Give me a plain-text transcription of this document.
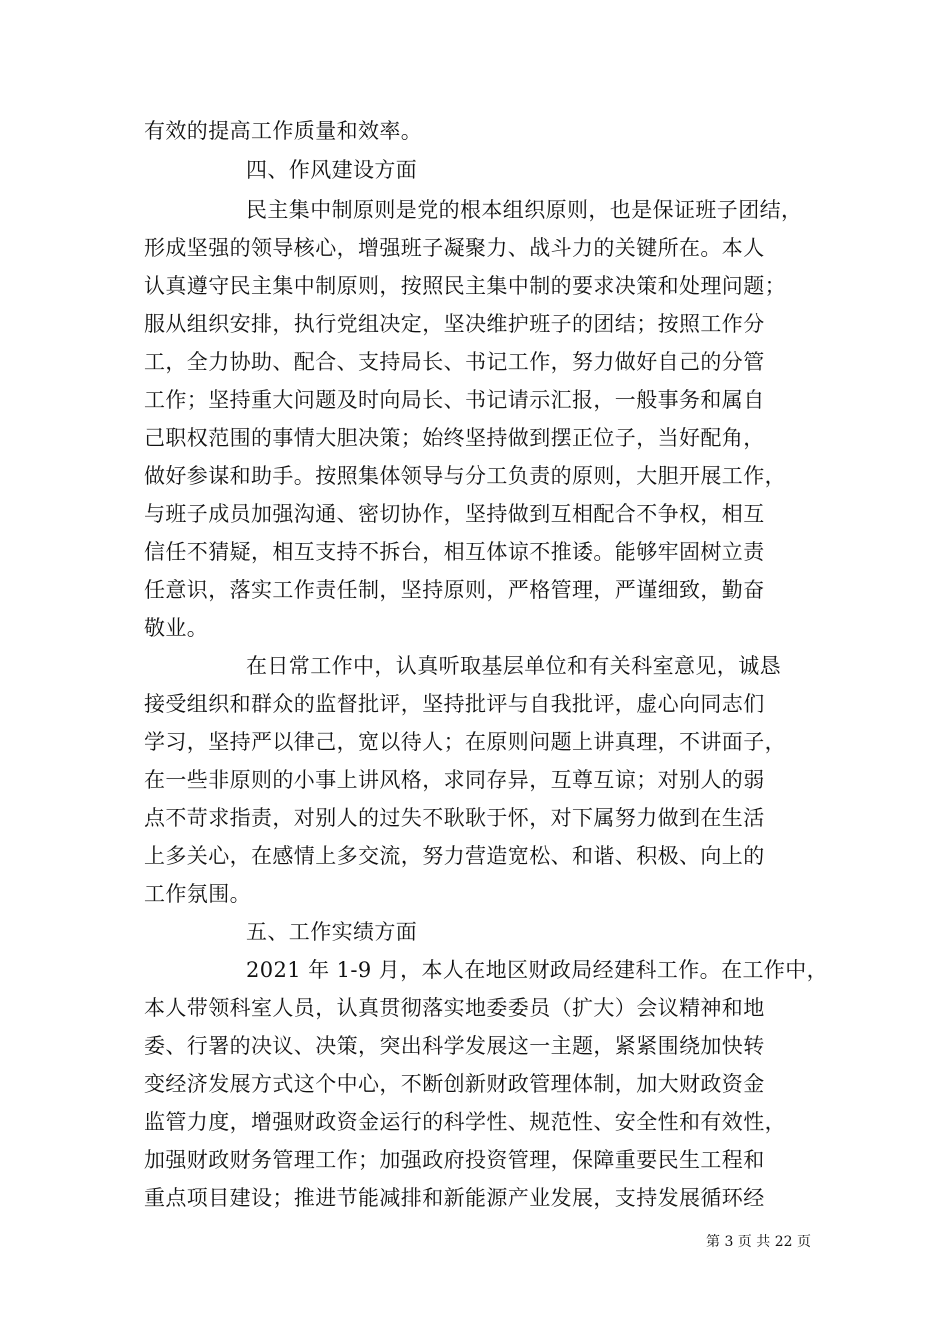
有效的提高工作质量和效率。
四、作风建设方面
民主集中制原则是党的根本组织原则，也是保证班子团结，
形成坚强的领导核心，增强班子凝聚力、战斗力的关键所在。本人
认真遵守民主集中制原则，按照民主集中制的要求决策和处理问题；
服从组织安排，执行党组决定，坚决维护班子的团结；按照工作分
工，全力协助、配合、支持局长、书记工作，努力做好自己的分管
工作；坚持重大问题及时向局长、书记请示汇报，一般事务和属自
己职权范围的事情大胆决策；始终坚持做到摆正位子，当好配角，
做好参谋和助手。按照集体领导与分工负责的原则，大胆开展工作，
与班子成员加强沟通、密切协作，坚持做到互相配合不争权，相互
信任不猜疑，相互支持不拆台，相互体谅不推诿。能够牢固树立责
任意识，落实工作责任制，坚持原则，严格管理，严谨细致，勤奋
敬业。
在日常工作中，认真听取基层单位和有关科室意见，诚恳
接受组织和群众的监督批评，坚持批评与自我批评，虚心向同志们
学习，坚持严以律己，宽以待人；在原则问题上讲真理，不讲面子，
在一些非原则的小事上讲风格，求同存异，互尊互谅；对别人的弱
点不苛求指责，对别人的过失不耿耿于怀，对下属努力做到在生活
上多关心，在感情上多交流，努力营造宽松、和谐、积极、向上的
工作氛围。
五、工作实绩方面
2021 年 1-9 月，本人在地区财政局经建科工作。在工作中，
本人带领科室人员，认真贯彻落实地委委员（扩大）会议精神和地
委、行署的决议、决策，突出科学发展这一主题，紧紧围绕加快转
变经济发展方式这个中心，不断创新财政管理体制，加大财政资金
监管力度，增强财政资金运行的科学性、规范性、安全性和有效性，
加强财政财务管理工作；加强政府投资管理，保障重要民生工程和
重点项目建设；推进节能减排和新能源产业发展，支持发展循环经
第 3 页 共 22 页
